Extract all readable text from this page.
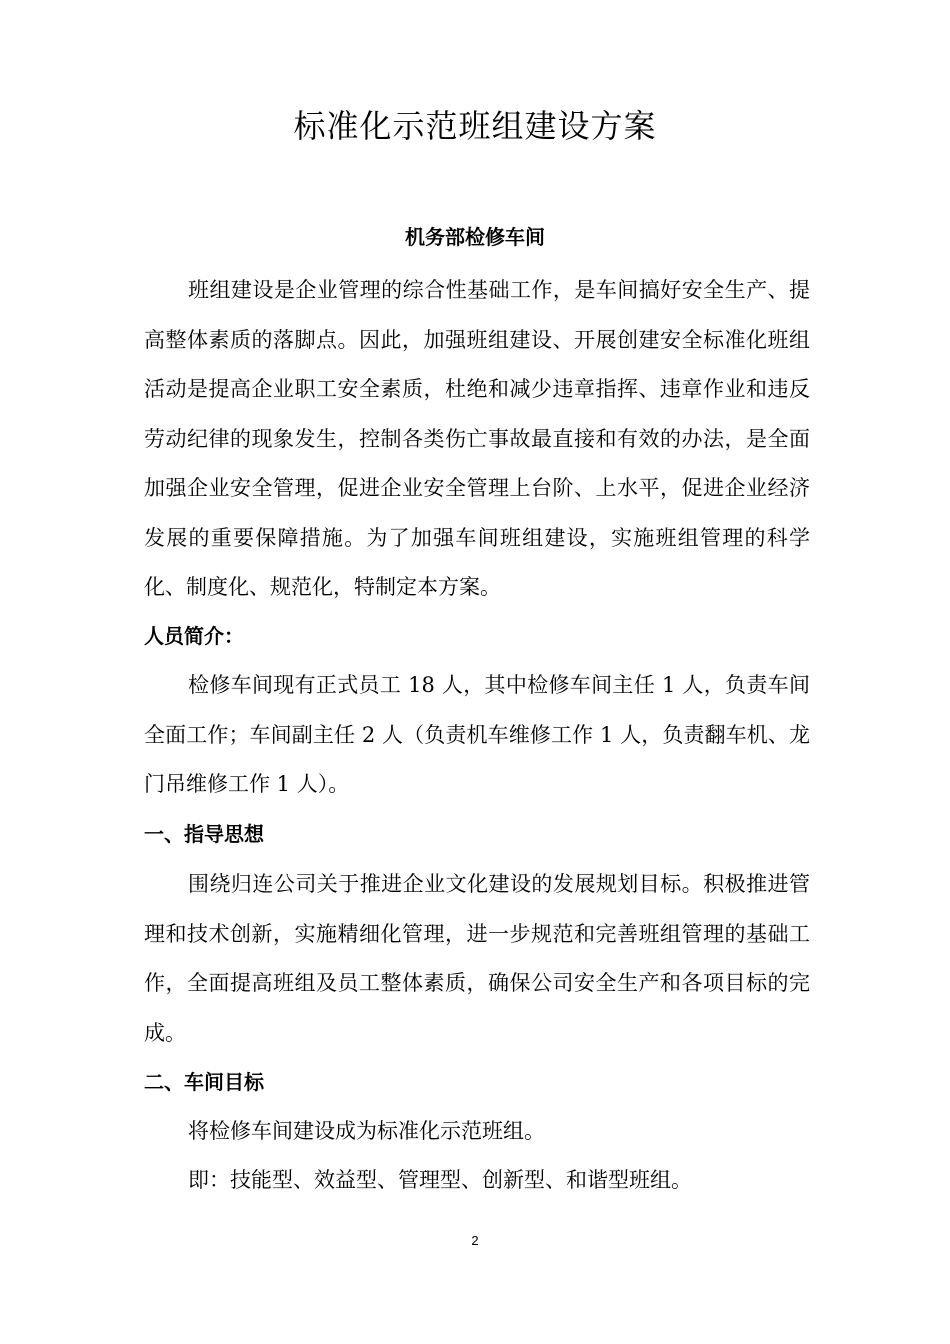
标准化示范班组建设方案
机务部检修车间

班组建设是企业管理的综合性基础工作，是车间搞好安全生产、提高整体素质的落脚点。因此，加强班组建设、开展创建安全标准化班组活动是提高企业职工安全素质，杜绝和减少违章指挥、违章作业和违反劳动纪律的现象发生，控制各类伤亡事故最直接和有效的办法，是全面加强企业安全管理，促进企业安全管理上台阶、上水平，促进企业经济发展的重要保障措施。为了加强车间班组建设，实施班组管理的科学化、制度化、规范化，特制定本方案。

人员简介：

检修车间现有正式员工 18 人，其中检修车间主任 1 人，负责车间全面工作；车间副主任 2 人（负责机车维修工作 1 人，负责翻车机、龙门吊维修工作 1 人）。

一、指导思想

围绕归连公司关于推进企业文化建设的发展规划目标。积极推进管理和技术创新，实施精细化管理，进一步规范和完善班组管理的基础工作，全面提高班组及员工整体素质，确保公司安全生产和各项目标的完成。

二、车间目标

将检修车间建设成为标准化示范班组。

即：技能型、效益型、管理型、创新型、和谐型班组。

2
